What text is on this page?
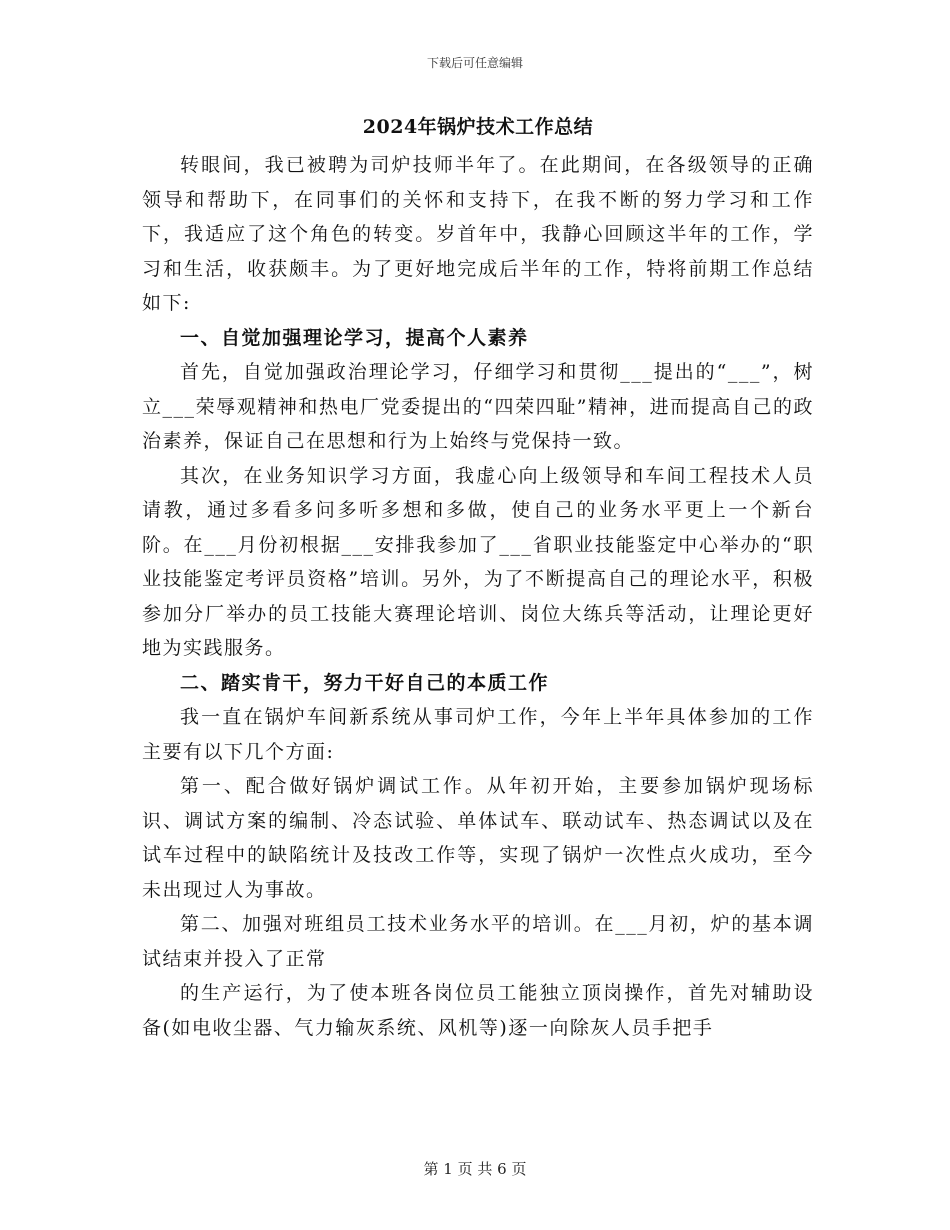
下载后可任意编辑
2024年锅炉技术工作总结

转眼间，我已被聘为司炉技师半年了。在此期间，在各级领导的正确领导和帮助下，在同事们的关怀和支持下，在我不断的努力学习和工作下，我适应了这个角色的转变。岁首年中，我静心回顾这半年的工作，学习和生活，收获颇丰。为了更好地完成后半年的工作，特将前期工作总结如下:

一、自觉加强理论学习，提高个人素养

首先，自觉加强政治理论学习，仔细学习和贯彻___提出的“___”，树立___荣辱观精神和热电厂党委提出的“四荣四耻”精神，进而提高自己的政治素养，保证自己在思想和行为上始终与党保持一致。

其次，在业务知识学习方面，我虚心向上级领导和车间工程技术人员请教，通过多看多问多听多想和多做，使自己的业务水平更上一个新台阶。在___月份初根据___安排我参加了___省职业技能鉴定中心举办的“职业技能鉴定考评员资格”培训。另外，为了不断提高自己的理论水平，积极参加分厂举办的员工技能大赛理论培训、岗位大练兵等活动，让理论更好地为实践服务。

二、踏实肯干，努力干好自己的本质工作

我一直在锅炉车间新系统从事司炉工作，今年上半年具体参加的工作主要有以下几个方面:

第一、配合做好锅炉调试工作。从年初开始，主要参加锅炉现场标识、调试方案的编制、冷态试验、单体试车、联动试车、热态调试以及在试车过程中的缺陷统计及技改工作等，实现了锅炉一次性点火成功，至今未出现过人为事故。

第二、加强对班组员工技术业务水平的培训。在___月初，炉的基本调试结束并投入了正常

的生产运行，为了使本班各岗位员工能独立顶岗操作，首先对辅助设备(如电收尘器、气力输灰系统、风机等)逐一向除灰人员手把手

第 1 页 共 6 页
